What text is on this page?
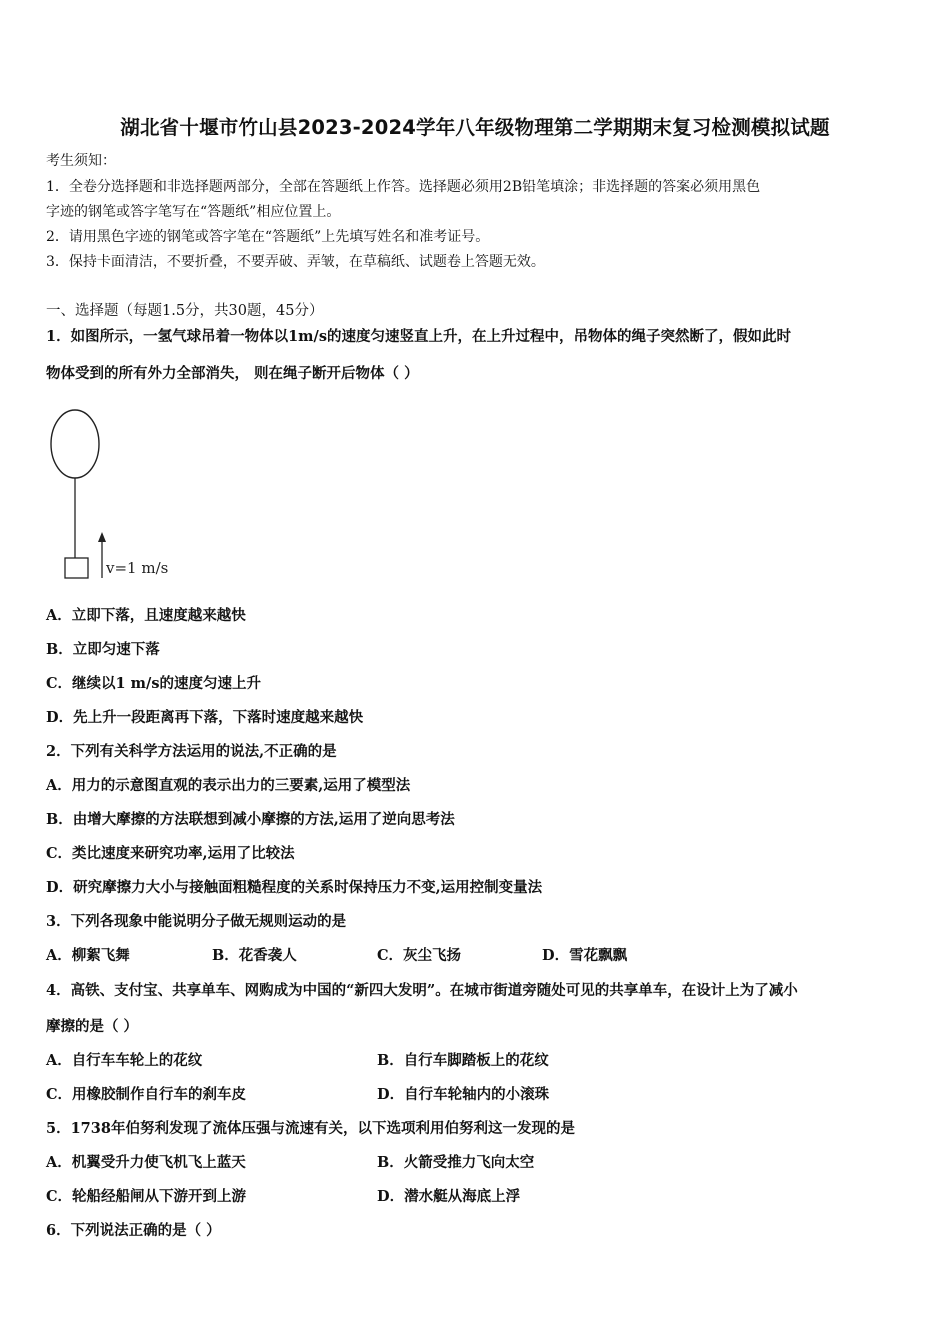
湖北省十堰市竹山县2023-2024学年八年级物理第二学期期末复习检测模拟试题
考生须知：
1．全卷分选择题和非选择题两部分，全部在答题纸上作答。选择题必须用2B铅笔填涂；非选择题的答案必须用黑色
字迹的钢笔或答字笔写在“答题纸”相应位置上。
2．请用黑色字迹的钢笔或答字笔在“答题纸”上先填写姓名和准考证号。
3．保持卡面清洁，不要折叠，不要弄破、弄皱，在草稿纸、试题卷上答题无效。
一、选择题（每题1.5分，共30题，45分）
1．如图所示，一氢气球吊着一物体以1m/s的速度匀速竖直上升，在上升过程中，吊物体的绳子突然断了，假如此时
物体受到的所有外力全部消失， 则在绳子断开后物体（ ）
v=1 m/s
A．立即下落，且速度越来越快
B．立即匀速下落
C．继续以1 m/s的速度匀速上升
D．先上升一段距离再下落，下落时速度越来越快
2．下列有关科学方法运用的说法,不正确的是
A．用力的示意图直观的表示出力的三要素,运用了模型法
B．由增大摩擦的方法联想到减小摩擦的方法,运用了逆向思考法
C．类比速度来研究功率,运用了比较法
D．研究摩擦力大小与接触面粗糙程度的关系时保持压力不变,运用控制变量法
3．下列各现象中能说明分子做无规则运动的是
A．柳絮飞舞	B．花香袭人	C．灰尘飞扬	D．雪花飘飘
4．高铁、支付宝、共享单车、网购成为中国的“新四大发明”。在城市街道旁随处可见的共享单车，在设计上为了减小
摩擦的是（ ）
A．自行车车轮上的花纹	B．自行车脚踏板上的花纹
C．用橡胶制作自行车的刹车皮	D．自行车轮轴内的小滚珠
5．1738年伯努利发现了流体压强与流速有关，以下选项利用伯努利这一发现的是
A．机翼受升力使飞机飞上蓝天	B．火箭受推力飞向太空
C．轮船经船闸从下游开到上游	D．潜水艇从海底上浮
6．下列说法正确的是（ ）
